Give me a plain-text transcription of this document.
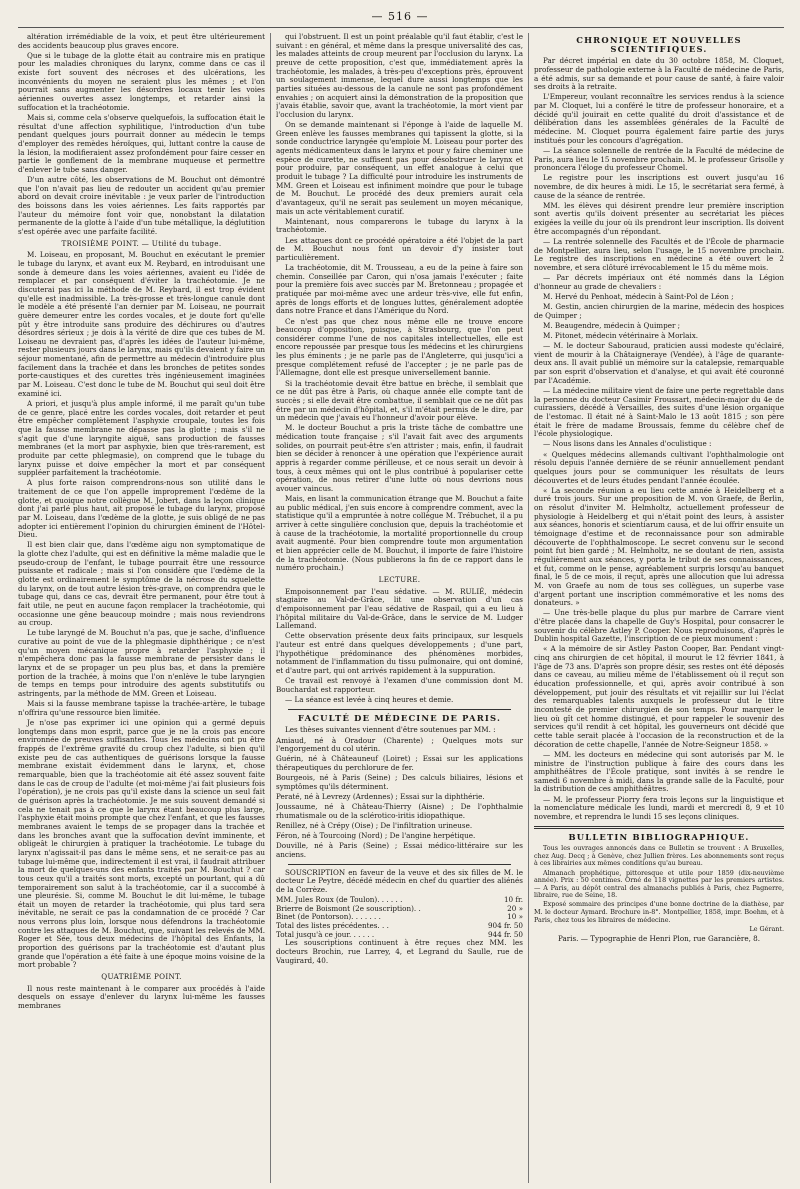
— 516 —

altération irrémédiable de la voix, et peut être ultérieurement des accidents beaucoup plus graves encore.

Que si le tubage de la glotte était au contraire mis en pratique pour les maladies chroniques du larynx, comme dans ce cas il existe fort souvent des nécroses et des ulcérations, les inconvénients du moyen ne seraient plus les mêmes ; et l'on pourrait sans augmenter les désordres locaux tenir les voies aériennes ouvertes assez longtemps, et retarder ainsi la suffocation et la trachéotomie.

Mais si, comme cela s'observe quelquefois, la suffocation était le résultat d'une affection syphilitique, l'introduction d'un tube pendant quelques jours pourrait donner au médecin le temps d'employer des remèdes héroïques, qui, luttant contre la cause de la lésion, la modifieraient assez profondément pour faire cesser en partie le gonflement de la membrane muqueuse et permettre d'enlever le tube sans danger.

D'un autre côté, les observations de M. Bouchut ont démontré que l'on n'avait pas lieu de redouter un accident qu'au premier abord on devait croire inévitable : je veux parler de l'introduction des boissons dans les voies aériennes. Les faits rapportés par l'auteur du mémoire font voir que, nonobstant la dilatation permanente de la glotte à l'aide d'un tube métallique, la déglutition s'est opérée avec une parfaite facilité.

TROISIÈME POINT. — Utilité du tubage.

M. Loiseau, en proposant, M. Bouchut en exécutant le premier le tubage du larynx, et avant eux M. Reybard, en introduisant une sonde à demeure dans les voies aériennes, avaient eu l'idée de remplacer et par conséquent d'éviter la trachéotomie. Je ne discuterai pas ici la méthode de M. Reybard, il est trop évident qu'elle est inadmissible. La très-grosse et très-longue canule dont le modèle a été présenté l'an dernier par M. Loiseau, ne pourrait guère demeurer entre les cordes vocales, et je doute fort qu'elle pût y être introduite sans produire des déchirures ou d'autres désordres sérieux ; je dois à la vérité de dire que ces tubes de M. Loiseau ne devraient pas, d'après les idées de l'auteur lui-même, rester plusieurs jours dans le larynx, mais qu'ils devaient y faire un séjour momentané, afin de permettre au médecin d'introduire plus facilement dans la trachée et dans les bronches de petites sondes porte-caustiques et des curettes très ingénieusement imaginées par M. Loiseau. C'est donc le tube de M. Bouchut qui seul doit être examiné ici.

A priori, et jusqu'à plus ample informé, il me paraît qu'un tube de ce genre, placé entre les cordes vocales, doit retarder et peut être empêcher complètement l'asphyxie croupale, toutes les fois que la fausse membrane ne dépasse pas la glotte ; mais s'il ne s'agit que d'une laryngite aiguë, sans production de fausses membranes (et la mort par asphyxie, bien que très-rarement, est produite par cette phlegmasie), on comprend que le tubage du larynx puisse et doive empêcher la mort et par conséquent suppléer parfaitement la trachéotomie.

A plus forte raison comprendrons-nous son utilité dans le traitement de ce que l'on appelle improprement l'œdème de la glotte, et quoique notre collègue M. Jobert, dans la leçon clinique dont j'ai parlé plus haut, ait proposé le tubage du larynx, proposé par M. Loiseau, dans l'œdème de la glotte, je suis obligé de ne pas adopter ici entièrement l'opinion du chirurgien éminent de l'Hôtel-Dieu.

Il est bien clair que, dans l'œdème aigu non symptomatique de la glotte chez l'adulte, qui est en définitive la même maladie que le pseudo-croup de l'enfant, le tubage pourrait être une ressource puissante et radicale ; mais si l'on considère que l'œdème de la glotte est ordinairement le symptôme de la nécrose du squelette du larynx, on de tout autre lésion très-grave, on comprendra que le tubage qui, dans ce cas, devrait être permanent, pour être tout à fait utile, ne peut en aucune façon remplacer la trachéotomie, qui occasionne une gêne beaucoup moindre ; mais nous reviendrons au croup.

Le tube laryngé de M. Bouchut n'a pas, que je sache, d'influence curative au point de vue de la phlegmasie diphthérique ; ce n'est qu'un moyen mécanique propre à retarder l'asphyxie ; il n'empêchera donc pas la fausse membrane de persister dans le larynx et de se propager un peu plus bas, et dans la première portion de la trachée, à moins que l'on n'enlève le tube laryngien de temps en temps pour introduire des agents substitutifs ou astringents, par la méthode de MM. Green et Loiseau.

Mais si la fausse membrane tapisse la trachée-artère, le tubage n'offrira qu'une ressource bien limitée.

Je n'ose pas exprimer ici une opinion qui a germé depuis longtemps dans mon esprit, parce que je ne la crois pas encore environnée de preuves suffisantes. Tous les médecins ont pu être frappés de l'extrême gravité du croup chez l'adulte, si bien qu'il existe peu de cas authentiques de guérisons lorsque la fausse membrane existait évidemment dans le larynx, et, chose remarquable, bien que la trachéotomie ait été assez souvent faite dans le cas de croup de l'adulte (et moi-même j'ai fait plusieurs fois l'opération), je ne crois pas qu'il existe dans la science un seul fait de guérison après la trachéotomie. Je me suis souvent demandé si cela ne tenait pas à ce que le larynx étant beaucoup plus large, l'asphyxie était moins prompte que chez l'enfant, et que les fausses membranes avaient le temps de se propager dans la trachée et dans les bronches avant que la suffocation devînt imminente, et obligeât le chirurgien à pratiquer la trachéotomie. Le tubage du larynx n'agissait-il pas dans le même sens, et ne serait-ce pas au tubage lui-même que, indirectement il est vrai, il faudrait attribuer la mort de quelques-uns des enfants traités par M. Bouchut ? car tous ceux qu'il a traités sont morts, excepté un pourtant, qui a dû temporairement son salut à la trachéotomie, car il a succombé à une pleurésie. Si, comme M. Bouchut le dit lui-même, le tubage était un moyen de retarder la trachéotomie, qui plus tard sera inévitable, ne serait ce pas la condamnation de ce procédé ? Car nous verrons plus loin, lorsque nous défendrons la trachéotomie contre les attaques de M. Bouchut, que, suivant les relevés de MM. Roger et Sée, tous deux médecins de l'hôpital des Enfants, la proportion des guérisons par la trachéotomie est d'autant plus grande que l'opération a été faite à une époque moins voisine de la mort probable ?

QUATRIÈME POINT.

Il nous reste maintenant à le comparer aux procédés à l'aide desquels on essaye d'enlever du larynx lui-même les fausses membranes

qui l'obstruent. Il est un point préalable qu'il faut établir, c'est le suivant : en général, et même dans la presque universalité des cas, les malades atteints de croup meurent par l'occlusion du larynx. La preuve de cette proposition, c'est que, immédiatement après la trachéotomie, les malades, à très-peu d'exceptions près, éprouvent un soulagement immense, lequel dure aussi longtemps que les parties situées au-dessous de la canule ne sont pas profondément envahies ; on acquiert ainsi la démonstration de la proposition que j'avais établie, savoir que, avant la trachéotomie, la mort vient par l'occlusion du larynx.

On se demande maintenant si l'éponge à l'aide de laquelle M. Green enlève les fausses membranes qui tapissent la glotte, si la sonde conductrice laryngée qu'emploie M. Loiseau pour porter des agents médicamenteux dans le larynx et pour y faire cheminer une espèce de curette, ne suffisent pas pour désobstruer le larynx et pour produire, par conséquent, un effet analogue à celui que produit le tubage ? La difficulté pour introduire les instruments de MM. Green et Loiseau est infiniment moindre que pour le tubage de M. Bouchut. Le procédé des deux premiers aurait cela d'avantageux, qu'il ne serait pas seulement un moyen mécanique, mais un acte véritablement curatif.

Maintenant, nous comparerons le tubage du larynx à la trachéotomie.

Les attaques dont ce procédé opératoire a été l'objet de la part de M. Bouchut nous font un devoir d'y insister tout particulièrement.

La trachéotomie, dit M. Trousseau, a eu de la peine à faire son chemin. Conseillée par Caron, qui n'osa jamais l'exécuter ; faite pour la première fois avec succès par M. Bretonneau ; propagée et pratiquée par moi-même avec une ardeur très-vive, elle fut enfin, après de longs efforts et de longues luttes, généralement adoptée dans notre France et dans l'Amérique du Nord.

Ce n'est pas que chez nous même elle ne trouve encore beaucoup d'opposition, puisque, à Strasbourg, que l'on peut considérer comme l'une de nos capitales intellectuelles, elle est encore repoussée par presque tous les médecins et les chirurgiens les plus éminents ; je ne parle pas de l'Angleterre, qui jusqu'ici a presque complétement refusé de l'accepter ; je ne parle pas de l'Allemagne, dont elle est presque universellement bannie.

Si la trachéotomie devait être battue en brèche, il semblait que ce ne dût pas être à Paris, où chaque année elle compte tant de succès ; si elle devait être combattue, il semblait que ce ne dût pas être par un médecin d'hôpital, et, s'il m'était permis de le dire, par un médecin que j'avais eu l'honneur d'avoir pour élève.

M. le docteur Bouchut a pris la triste tâche de combattre une médication toute française ; s'il l'avait fait avec des arguments solides, on pourrait peut-être s'en attrister ; mais, enfin, il faudrait bien se décider à renoncer à une opération que l'expérience aurait appris à regarder comme périlleuse, et ce nous serait un devoir à tous, à ceux mêmes qui ont le plus contribué à populariser cette opération, de nous retirer d'une lutte où nous devrions nous avouer vaincus.

Mais, en lisant la communication étrange que M. Bouchut a faite au public médical, j'en suis encore à comprendre comment, avec la statistique qu'il a empruntée à notre collègue M. Trébuchet, il a pu arriver à cette singulière conclusion que, depuis la trachéotomie et à cause de la trachéotomie, la mortalité proportionnelle du croup avait augmenté. Pour bien comprendre toute mon argumentation et bien apprécier celle de M. Bouchut, il importe de faire l'histoire de la trachéotomie. (Nous publierons la fin de ce rapport dans le numéro prochain.)

LECTURE.

Empoisonnement par l'eau sédative. — M. RULIÉ, médecin stagiaire au Val-de-Grâce, lit une observation d'un cas d'empoisonnement par l'eau sédative de Raspail, qui a eu lieu à l'hôpital militaire du Val-de-Grâce, dans le service de M. Ludger Lallemand.

Cette observation présente deux faits principaux, sur lesquels l'auteur est entré dans quelques développements ; d'une part, l'hypothétique prédominance des phénomènes morbides, notamment de l'inflammation du tissu pulmonaire, qui ont dominé, et d'autre part, qui ont arrivés rapidement à la suppuration.

Ce travail est renvoyé à l'examen d'une commission dont M. Bouchardat est rapporteur.

— La séance est levée à cinq heures et demie.

FACULTÉ DE MÉDECINE DE PARIS.

Les thèses suivantes viennent d'être soutenues par MM. :

Amiaud, né à Oradour (Charente) ; Quelques mots sur l'engorgement du col utérin.

Guérin, né à Châteauneuf (Loiret) ; Essai sur les applications thérapeutiques du perchlorure de fer.

Bourgeois, né à Paris (Seine) ; Des calculs biliaires, lésions et symptômes qu'ils déterminent.

Peraté, né à Levrezy (Ardennes) ; Essai sur la diphthérie.

Joussaume, né à Château-Thierry (Aisne) ; De l'ophthalmie rhumatismale ou de la sclérotico-iritis idiopathique.

Renillez, né à Crépy (Oise) ; De l'infiltration urineuse.

Féron, né à Tourcoing (Nord) ; De l'angine herpétique.

Douville, né à Paris (Seine) ; Essai médico-littéraire sur les anciens.

SOUSCRIPTION en faveur de la veuve et des six filles de M. le docteur Le Peytre, décédé médecin en chef du quartier des aliénés de la Corrèze.

MM. Jules Roux (de Toulon). . . . . .	10 fr.
Brierre de Boismont (2e souscription). .	20 »
Binet (de Pontorson). . . . . . .	10 »
Total des listes précédentes. . .	904 fr. 50
Total jusqu'à ce jour. . . . . .	944 fr. 50

Les souscriptions continuent à être reçues chez MM. les docteurs Brochin, rue Larrey, 4, et Legrand du Saulle, rue de Vaugirard, 40.

CHRONIQUE ET NOUVELLES SCIENTIFIQUES.

Par décret impérial en date du 30 octobre 1858, M. Cloquet, professeur de pathologie externe à la Faculté de médecine de Paris, a été admis, sur sa demande et pour cause de santé, à faire valoir ses droits à la retraite.

L'Empereur, voulant reconnaître les services rendus à la science par M. Cloquet, lui a conféré le titre de professeur honoraire, et a décidé qu'il jouirait en cette qualité du droit d'assistance et de délibération dans les assemblées générales de la Faculté de médecine. M. Cloquet pourra également faire partie des jurys institués pour les concours d'agrégation.

— La séance solennelle de rentrée de la Faculté de médecine de Paris, aura lieu le 15 novembre prochain. M. le professeur Grisolle y prononcera l'éloge du professeur Chomel.

Le registre pour les inscriptions est ouvert jusqu'au 16 novembre, de dix heures à midi. Le 15, le secrétariat sera fermé, à cause de la séance de rentrée.

MM. les élèves qui désirent prendre leur première inscription sont avertis qu'ils doivent présenter au secrétariat les pièces exigées la veille du jour où ils prendront leur inscription. Ils doivent être accompagnés d'un répondant.

— La rentrée solennelle des Facultés et de l'École de pharmacie de Montpellier, aura lieu, selon l'usage, le 15 novembre prochain. Le registre des inscriptions en médecine a été ouvert le 2 novembre, et sera clôturé irrévocablement le 15 du même mois.

— Par décrets impériaux ont été nommés dans la Légion d'honneur au grade de chevaliers :

M. Hervé du Penhoat, médecin à Saint-Pol de Léon ;

M. Gestin, ancien chirurgien de la marine, médecin des hospices de Quimper ;

M. Beaugendre, médecin à Quimper ;

M. Pitonet, médecin vétérinaire à Morlaix.

— M. le docteur Sabouraud, praticien aussi modeste qu'éclairé, vient de mourir à la Châtaigneraye (Vendée), à l'âge de quarante-deux ans. Il avait publié un mémoire sur la catalepsie, remarquable par son esprit d'observation et d'analyse, et qui avait été couronné par l'Académie.

— La médecine militaire vient de faire une perte regrettable dans la personne du docteur Casimir Froussart, médecin-major du 4e de cuirassiers, décédé à Versailles, des suites d'une lésion organique de l'estomac. Il était né à Saint-Malo le 13 août 1815 ; son père était le frère de madame Broussais, femme du célèbre chef de l'école physiologique.

— Nous lisons dans les Annales d'oculistique :

« Quelques médecins allemands cultivant l'ophthalmologie ont résolu depuis l'année dernière de se réunir annuellement pendant quelques jours pour se communiquer les résultats de leurs découvertes et de leurs études pendant l'année écoulée.

« La seconde réunion a eu lieu cette année à Heidelberg et a duré trois jours. Sur une proposition de M. von Graefe, de Berlin, on résolut d'inviter M. Helmholtz, actuellement professeur de physiologie à Heidelberg et qui n'était point des leurs, à assister aux séances, honoris et scientiarum causa, et de lui offrir ensuite un témoignage d'estime et de reconnaissance pour son admirable découverte de l'ophthalmoscope. Le secret convenu sur le second point fut bien gardé ; M. Helmholtz, ne se doutant de rien, assista régulièrement aux séances, y porta le tribut de ses connaissances, et fut, comme on le pense, agréablement surpris lorsqu'au banquet final, le 5 de ce mois, il reçut, après une allocution que lui adressa M. von Graefe au nom de tous ses collègues, un superbe vase d'argent portant une inscription commémorative et les noms des donateurs. »

— Une très-belle plaque du plus pur marbre de Carrare vient d'être placée dans la chapelle de Guy's Hospital, pour consacrer le souvenir du célèbre Astley P. Cooper. Nous reproduisons, d'après le Dublin hospital Gazette, l'inscription de ce pieux monument :

« A la mémoire de sir Astley Paston Cooper, Bar. Pendant vingt-cinq ans chirurgien de cet hôpital, il mourut le 12 février 1841, à l'âge de 73 ans. D'après son propre désir, ses restes ont été déposés dans ce caveau, au milieu même de l'établissement où il reçut son éducation professionnelle, et qui, après avoir contribué à son développement, put jouir des résultats et vit rejaillir sur lui l'éclat des remarquables talents auxquels le professeur dut le titre incontesté de premier chirurgien de son temps. Pour marquer le lieu où gît cet homme distingué, et pour rappeler le souvenir des services qu'il rendit à cet hôpital, les gouverneurs ont décidé que cette table serait placée à l'occasion de la reconstruction et de la décoration de cette chapelle, l'année de Notre-Seigneur 1858. »

— MM. les docteurs en médecine qui sont autorisés par M. le ministre de l'instruction publique à faire des cours dans les amphithéâtres de l'École pratique, sont invités à se rendre le samedi 6 novembre à midi, dans la grande salle de la Faculté, pour la distribution de ces amphithéâtres.

— M. le professeur Piorry fera trois leçons sur la linguistique et la nomenclature médicale les lundi, mardi et mercredi 8, 9 et 10 novembre, et reprendra le lundi 15 ses leçons cliniques.

BULLETIN BIBLIOGRAPHIQUE.

Tous les ouvrages annoncés dans ce Bulletin se trouvent : A Bruxelles, chez Aug. Decq ; à Genève, chez Jullien frères. Les abonnements sont reçus à ces librairies aux mêmes conditions qu'au bureau.

Almanach prophétique, pittoresque et utile pour 1859 (dix-neuvième année). Prix : 50 centimes. Orné de 118 vignettes par les premiers artistes. — A Paris, au dépôt central des almanachs publiés à Paris, chez Pagnerre, libraire, rue de Seine, 18.

Exposé sommaire des principes d'une bonne doctrine de la diathèse, par M. le docteur Aymard. Brochure in-8°. Montpellier, 1858, impr. Boehm, et à Paris, chez tous les libraires de médecine.

Le Gérant.

Paris. — Typographie de Henri Plon, rue Garancière, 8.
